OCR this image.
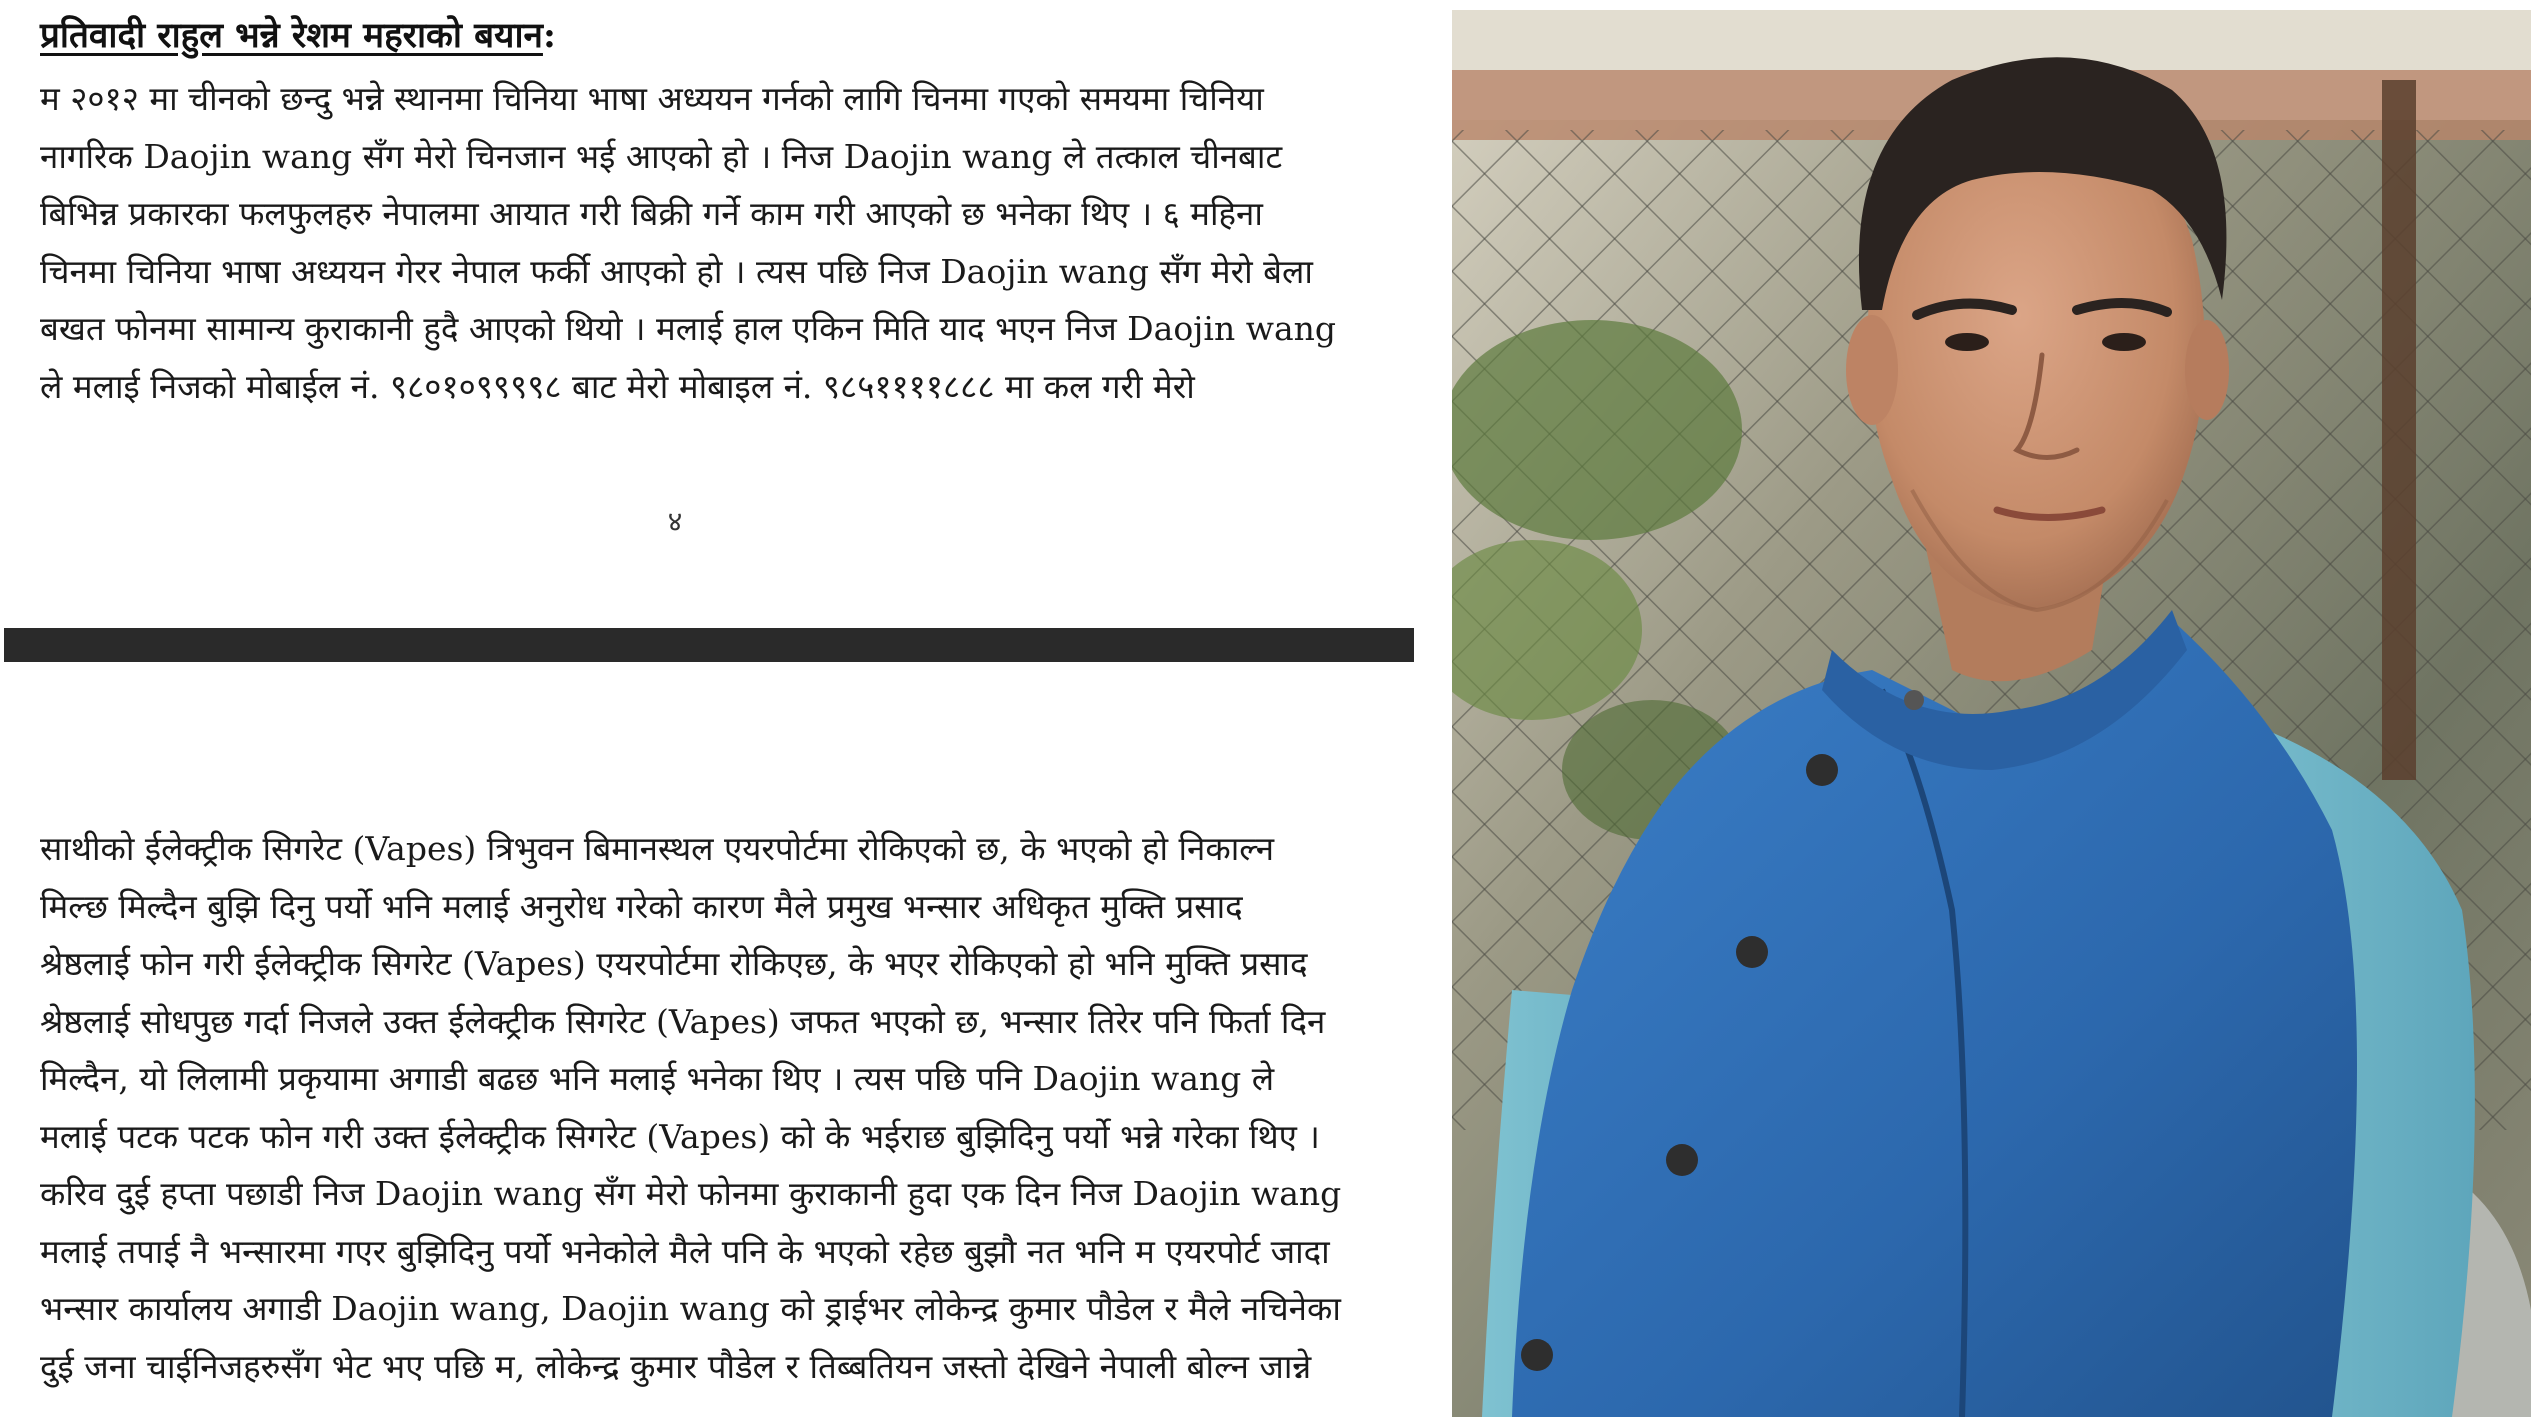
प्रतिवादी राहुल भन्ने रेशम महराको बयान:
म २०१२ मा चीनको छन्दु भन्ने स्थानमा चिनिया भाषा अध्ययन गर्नको लागि चिनमा गएको समयमा चिनिया
नागरिक Daojin wang सँग मेरो चिनजान भई आएको हो । निज Daojin wang ले तत्काल चीनबाट
बिभिन्न प्रकारका फलफुलहरु नेपालमा आयात गरी बिक्री गर्ने काम गरी आएको छ भनेका थिए । ६ महिना
चिनमा चिनिया भाषा अध्ययन गेरर नेपाल फर्की आएको हो । त्यस पछि निज Daojin wang सँग मेरो बेला
बखत फोनमा सामान्य कुराकानी हुदै आएको थियो । मलाई हाल एकिन मिति याद भएन निज Daojin wang
ले मलाई निजको मोबाईल नं. ९८०१०९९९९८ बाट मेरो मोबाइल नं. ९८५११११८८८ मा कल गरी मेरो
४
साथीको ईलेक्ट्रीक सिगरेट (Vapes) त्रिभुवन बिमानस्थल एयरपोर्टमा रोकिएको छ, के भएको हो निकाल्न
मिल्छ मिल्दैन बुझि दिनु पर्यो भनि मलाई अनुरोध गरेको कारण मैले प्रमुख भन्सार अधिकृत मुक्ति प्रसाद
श्रेष्ठलाई फोन गरी ईलेक्ट्रीक सिगरेट (Vapes) एयरपोर्टमा रोकिएछ, के भएर रोकिएको हो भनि मुक्ति प्रसाद
श्रेष्ठलाई सोधपुछ गर्दा निजले उक्त ईलेक्ट्रीक सिगरेट (Vapes) जफत भएको छ, भन्सार तिरेर पनि फिर्ता दिन
मिल्दैन, यो लिलामी प्रकृयामा अगाडी बढछ भनि मलाई भनेका थिए । त्यस पछि पनि Daojin wang ले
मलाई पटक पटक फोन गरी उक्त ईलेक्ट्रीक सिगरेट (Vapes) को के भईराछ बुझिदिनु पर्यो भन्ने गरेका थिए ।
करिव दुई हप्ता पछाडी निज Daojin wang सँग मेरो फोनमा कुराकानी हुदा एक दिन निज Daojin wang
मलाई तपाई नै भन्सारमा गएर बुझिदिनु पर्यो भनेकोले मैले पनि के भएको रहेछ बुझौ नत भनि म एयरपोर्ट जादा
भन्सार कार्यालय अगाडी Daojin wang, Daojin wang को ड्राईभर लोकेन्द्र कुमार पौडेल र मैले नचिनेका
दुई जना चाईनिजहरुसँग भेट भए पछि म, लोकेन्द्र कुमार पौडेल र तिब्बतियन जस्तो देखिने नेपाली बोल्न जान्ने
